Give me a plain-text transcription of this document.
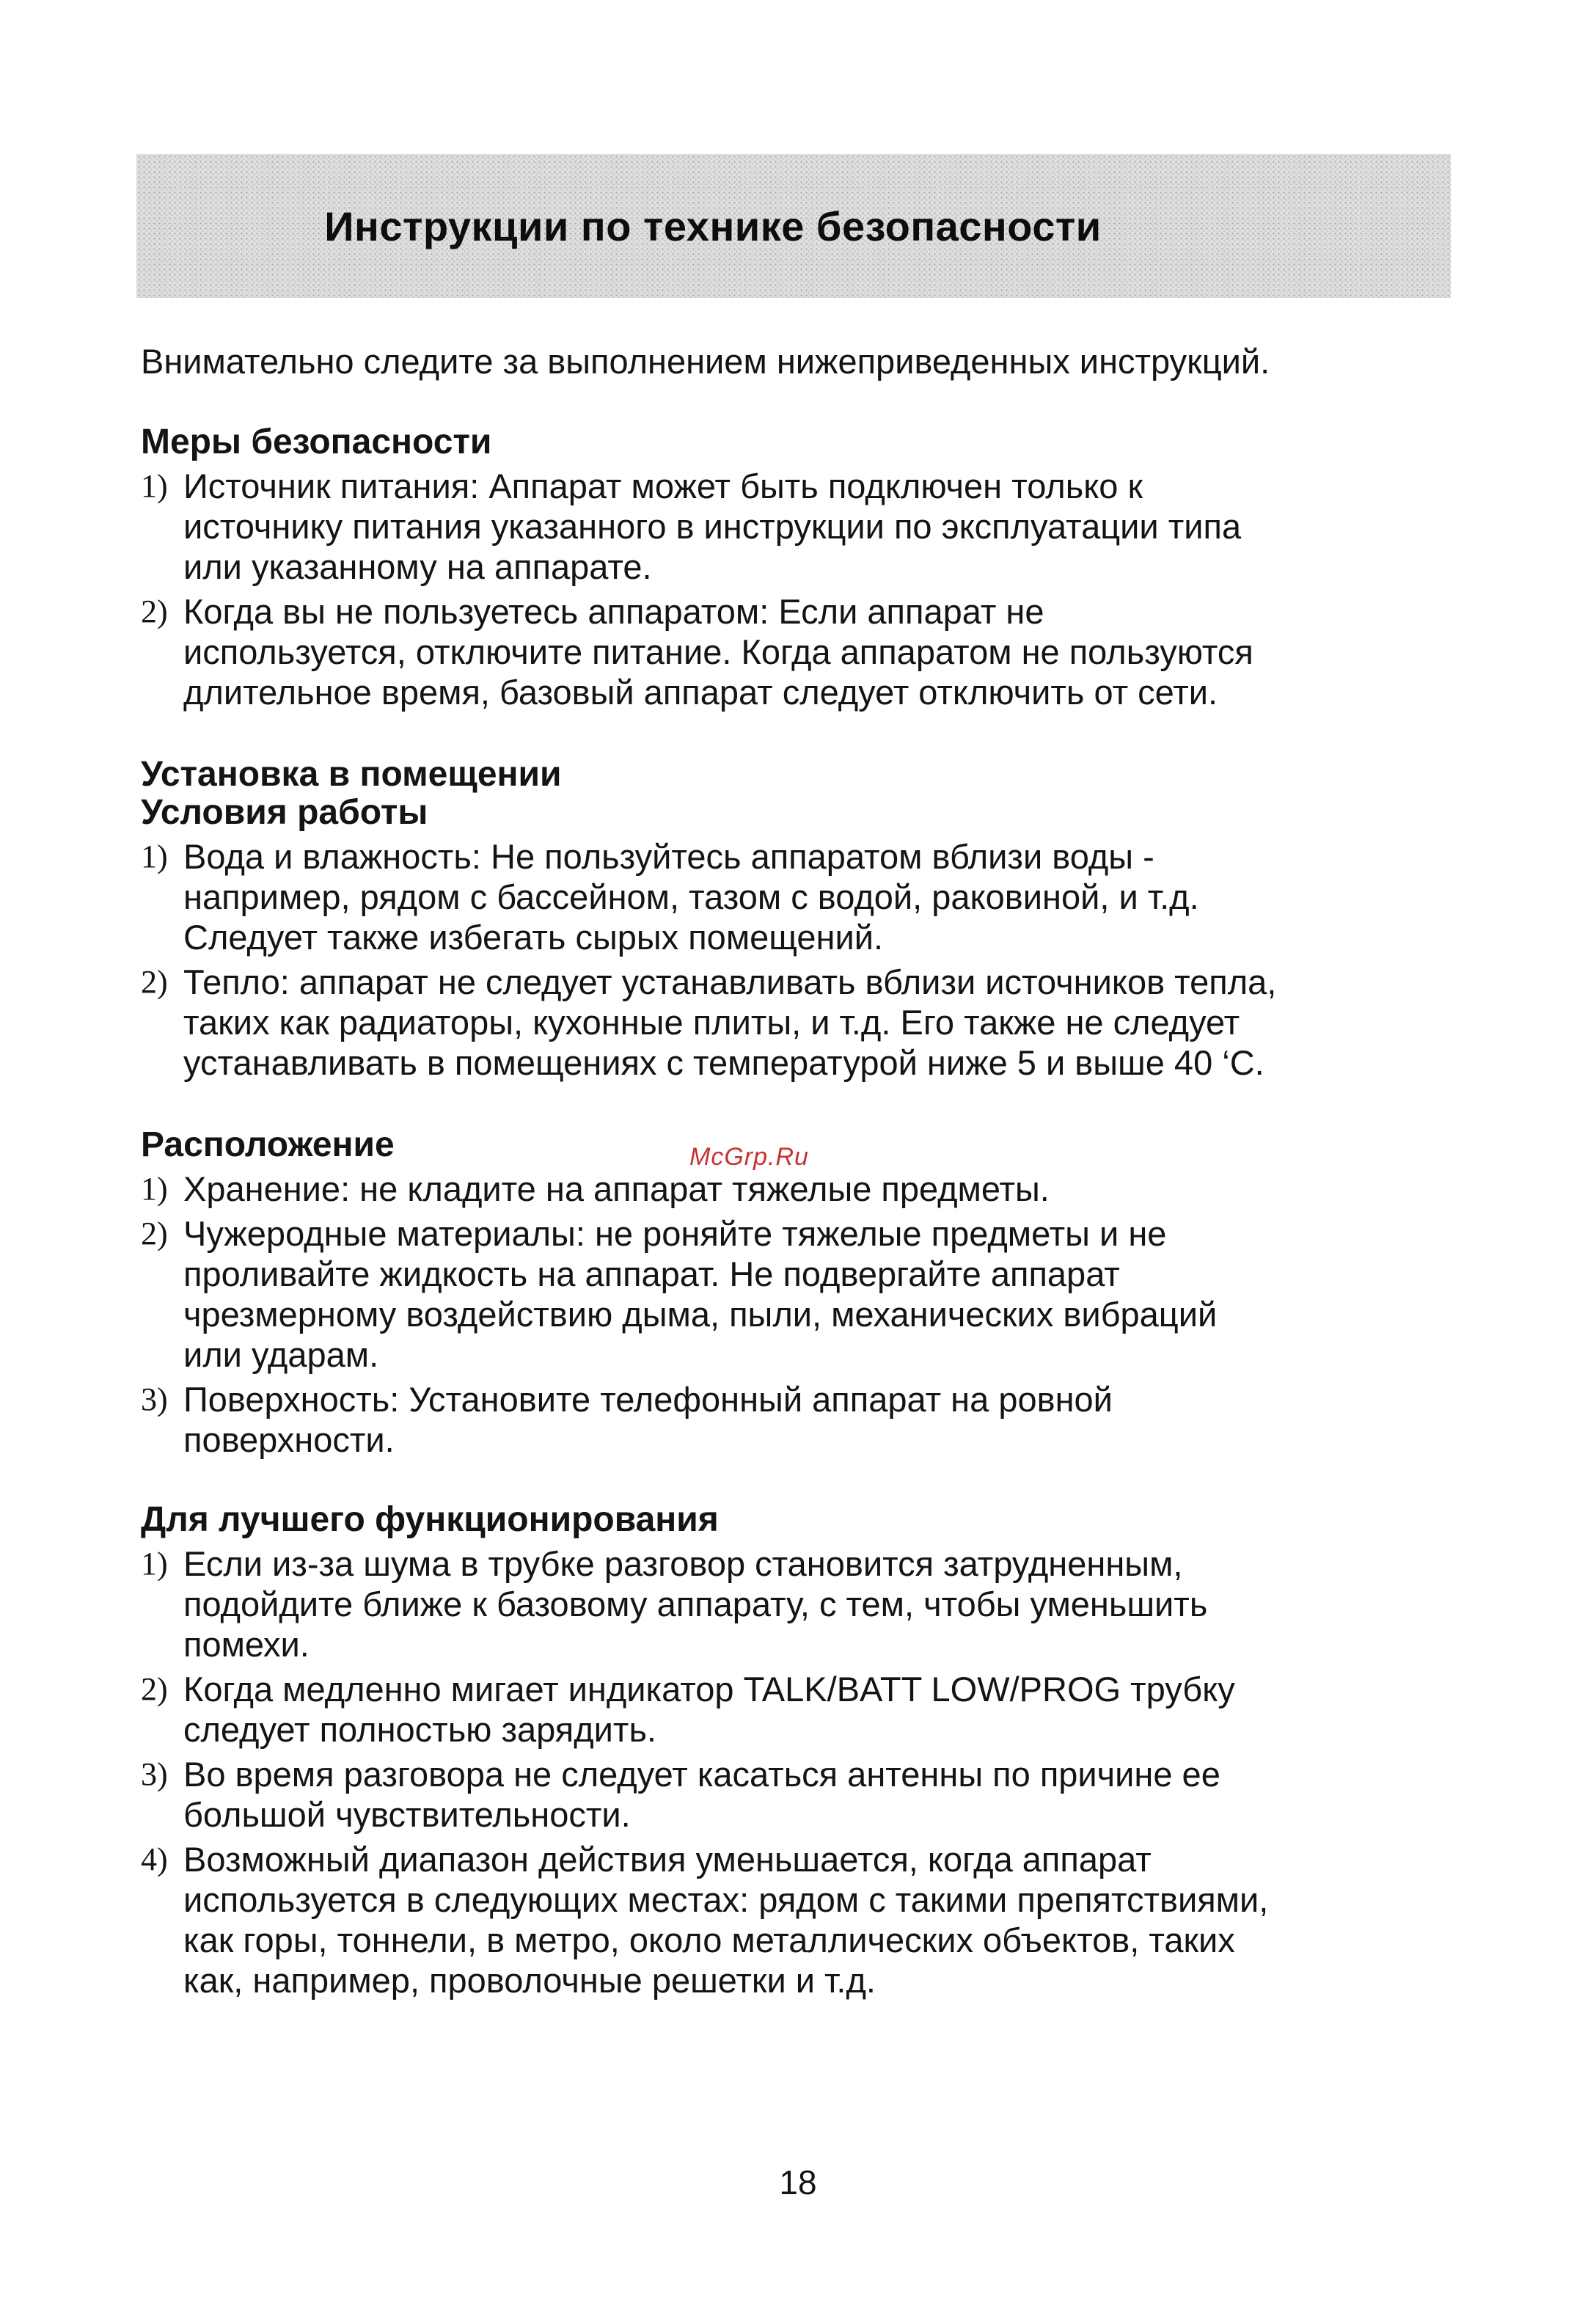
Инструкции по технике безопасности

Внимательно следите за выполнением нижеприведенных инструкций.

Меры безопасности
1) Источник питания: Аппарат может быть подключен только к
источнику питания указанного в инструкции по эксплуатации типа
или указанному на аппарате.
2) Когда вы не пользуетесь аппаратом: Если аппарат не
используется, отключите питание. Когда аппаратом не пользуются
длительное время, базовый аппарат следует отключить от сети.
Установка в помещении
Условия работы
1) Вода и влажность: Не пользуйтесь аппаратом вблизи воды -
например, рядом с бассейном, тазом с водой, раковиной, и т.д.
Следует также избегать сырых помещений.
2) Тепло: аппарат не следует устанавливать вблизи источников тепла,
таких как радиаторы, кухонные плиты, и т.д. Его также не следует
устанавливать в помещениях с температурой ниже 5 и выше 40 ‘С.
Расположение
1) Хранение: не кладите на аппарат тяжелые предметы.
2) Чужеродные материалы: не роняйте тяжелые предметы и не
проливайте жидкость на аппарат. Не подвергайте аппарат
чрезмерному воздействию дыма, пыли, механических вибраций
или ударам.
3) Поверхность: Установите телефонный аппарат на ровной
поверхности.
McGrp.Ru
Для лучшего функционирования
1) Если из-за шума в трубке разговор становится затрудненным,
подойдите ближе к базовому аппарату, с тем, чтобы уменьшить
помехи.
2) Когда медленно мигает индикатор TALK/BATT LOW/PROG трубку
следует полностью зарядить.
3) Во время разговора не следует касаться антенны по причине ее
большой чувствительности.
4) Возможный диапазон действия уменьшается, когда аппарат
используется в следующих местах: рядом с такими препятствиями,
как горы, тоннели, в метро, около металлических объектов, таких
как, например, проволочные решетки и т.д.
18
